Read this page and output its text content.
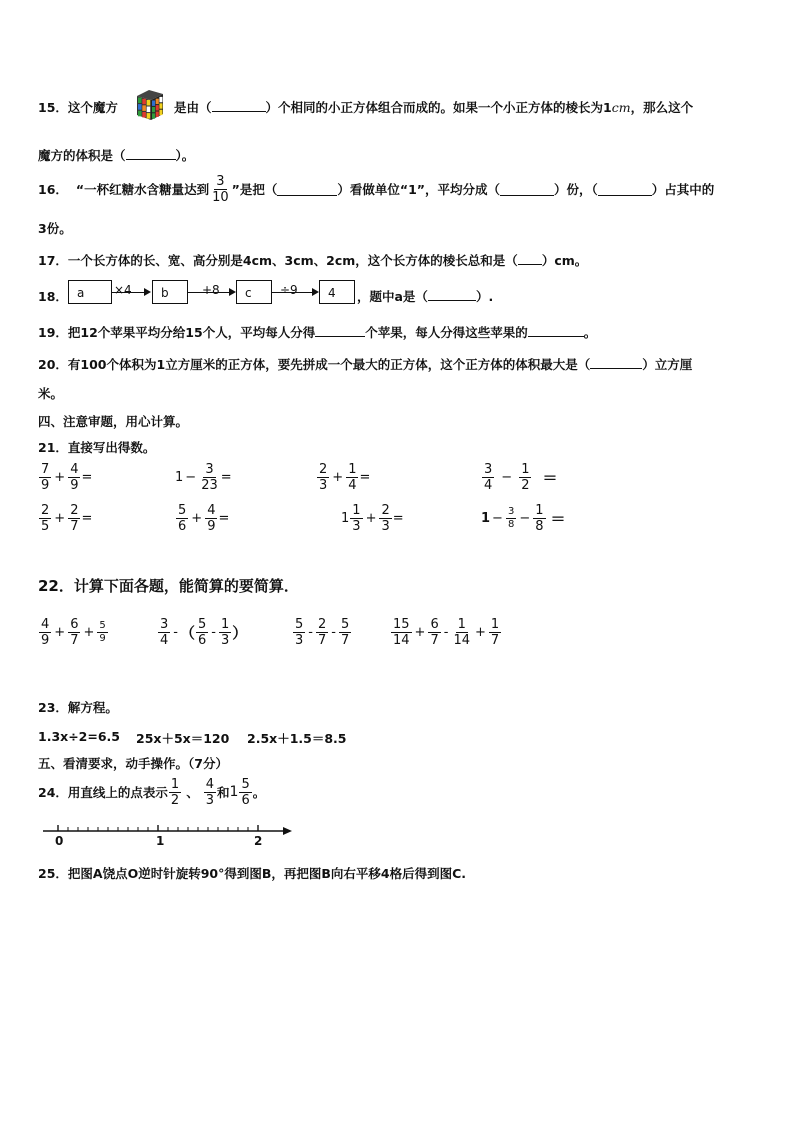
15．这个魔方	是由（	）个相同的小正方体组合而成的。如果一个小正方体的棱长为1cm，那么这个
魔方的体积是（	）。
16． “一杯红糖水含糖量达到 $\frac{3}{10}$ ”是把（	）看做单位“1”，平均分成（	）份，（	）占其中的
3份。
17．一个长方体的长、宽、高分别是4cm、3cm、2cm，这个长方体的棱长总和是（ ）cm。
18． a	×4	b	+8	c	÷9	4	，题中a是（	）.
19．把12个苹果平均分给15个人，平均每人分得	个苹果，每人分得这些苹果的	。
20．有100个体积为1立方厘米的正方体，要先拼成一个最大的正方体，这个正方体的体积最大是（	）立方厘
米。
四、注意审题，用心计算。
21．直接写出得数。
$\frac{7}{9} + \frac{4}{9}$ =	$1 - \frac{3}{23}$ =	$\frac{2}{3} + \frac{1}{4}$ =	$\frac{3}{4} - \frac{1}{2}$ ＝
$\frac{2}{5} + \frac{2}{7}$ =	$\frac{5}{6} + \frac{4}{9}$ =	$1 \frac{1}{3} + \frac{2}{3}$ =	$1 - \frac{3}{8} - \frac{1}{8}$ ＝
22．计算下面各题，能简算的要简算．
$\frac{4}{9} + \frac{6}{7} + \frac{5}{9}$	$\frac{3}{4}$ - （ $\frac{5}{6} - \frac{1}{3}$ ）	$\frac{5}{3} - \frac{2}{7} - \frac{5}{7}$	$\frac{15}{14} + \frac{6}{7} - \frac{1}{14} + \frac{1}{7}$
23．解方程。
1.3x÷2=6.5 25x＋5x＝120 2.5x＋1.5＝8.5
五、看清要求，动手操作。（7分）
24． 用直线上的点表示 $\frac{1}{2}$ 、 $\frac{4}{3}$ 和 $1 \frac{5}{6}$ 。
0	1	2
25．把图A饶点O逆时针旋转90°得到图B，再把图B向右平移4格后得到图C.
